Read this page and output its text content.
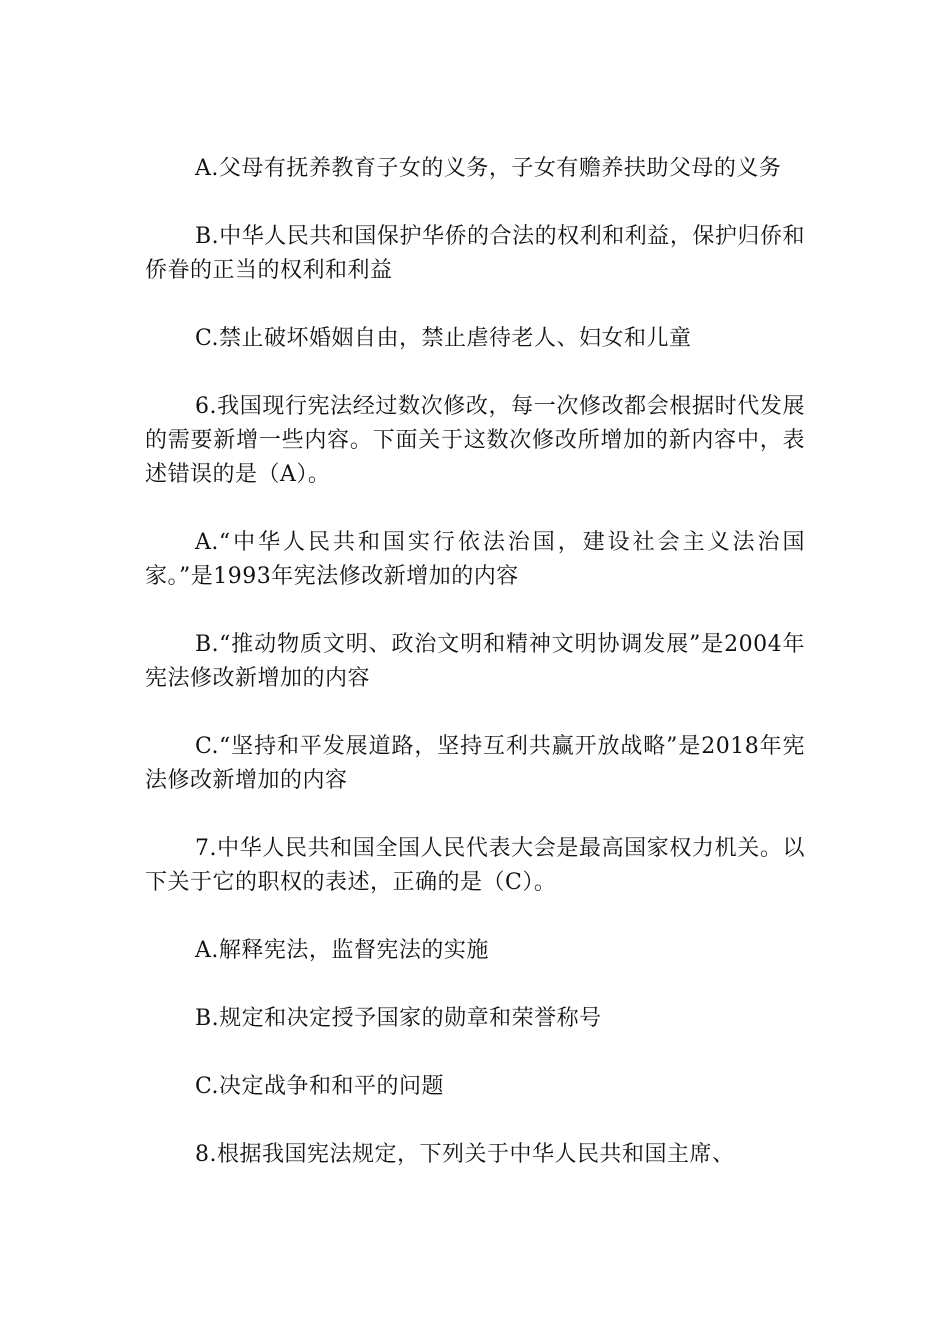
A.父母有抚养教育子女的义务，子女有赡养扶助父母的义务

B.中华人民共和国保护华侨的合法的权利和利益，保护归侨和侨眷的正当的权利和利益

C.禁止破坏婚姻自由，禁止虐待老人、妇女和儿童

6.我国现行宪法经过数次修改，每一次修改都会根据时代发展的需要新增一些内容。下面关于这数次修改所增加的新内容中，表述错误的是（A）。

A.“中华人民共和国实行依法治国，建设社会主义法治国家。”是1993年宪法修改新增加的内容

B.“推动物质文明、政治文明和精神文明协调发展”是2004年宪法修改新增加的内容

C.“坚持和平发展道路，坚持互利共赢开放战略”是2018年宪法修改新增加的内容

7.中华人民共和国全国人民代表大会是最高国家权力机关。以下关于它的职权的表述，正确的是（C）。

A.解释宪法，监督宪法的实施

B.规定和决定授予国家的勋章和荣誉称号

C.决定战争和和平的问题

8.根据我国宪法规定，下列关于中华人民共和国主席、
